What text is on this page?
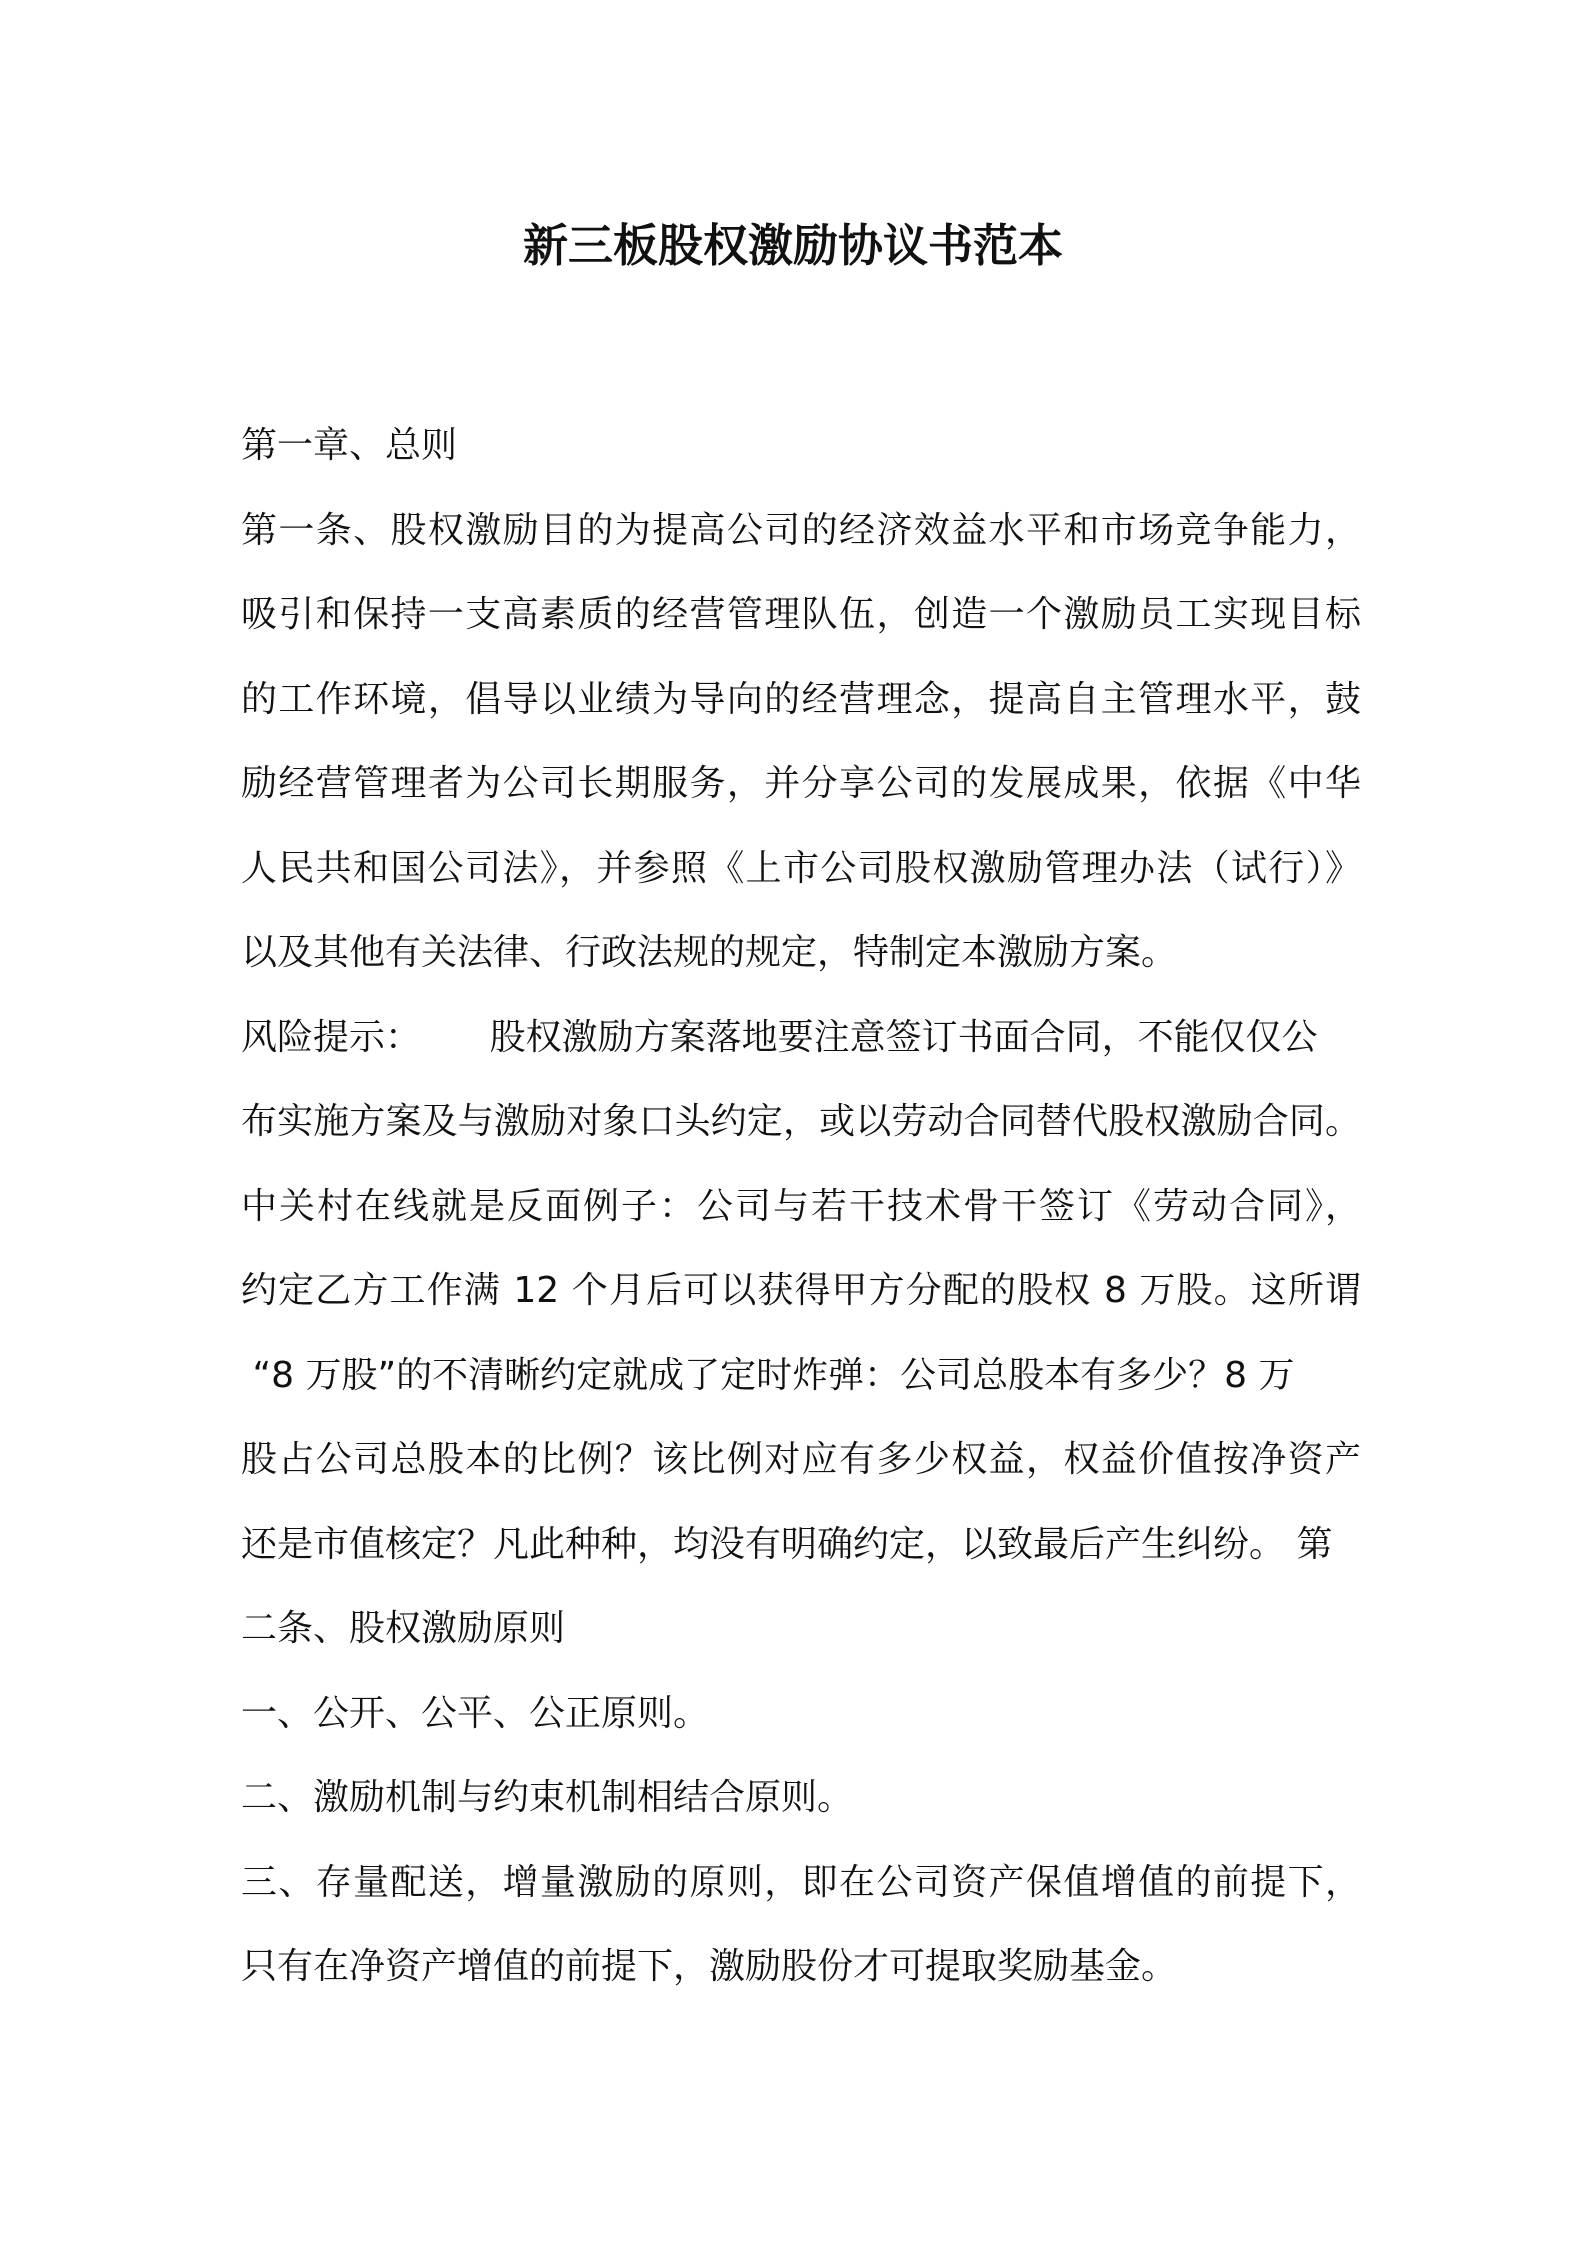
新三板股权激励协议书范本
第一章、总则
第一条、股权激励目的为提高公司的经济效益水平和市场竞争能力，
吸引和保持一支高素质的经营管理队伍，创造一个激励员工实现目标
的工作环境，倡导以业绩为导向的经营理念，提高自主管理水平，鼓
励经营管理者为公司长期服务，并分享公司的发展成果，依据《中华
人民共和国公司法》，并参照《上市公司股权激励管理办法（试行）》
以及其他有关法律、行政法规的规定，特制定本激励方案。
风险提示：      股权激励方案落地要注意签订书面合同，不能仅仅公
布实施方案及与激励对象口头约定，或以劳动合同替代股权激励合同。
中关村在线就是反面例子：公司与若干技术骨干签订《劳动合同》，
约定乙方工作满 12 个月后可以获得甲方分配的股权 8 万股。这所谓
“8 万股”的不清晰约定就成了定时炸弹：公司总股本有多少？8 万
股占公司总股本的比例？该比例对应有多少权益，权益价值按净资产
还是市值核定？凡此种种，均没有明确约定，以致最后产生纠纷。 第
二条、股权激励原则
一、公开、公平、公正原则。
二、激励机制与约束机制相结合原则。
三、存量配送，增量激励的原则，即在公司资产保值增值的前提下，
只有在净资产增值的前提下，激励股份才可提取奖励基金。
